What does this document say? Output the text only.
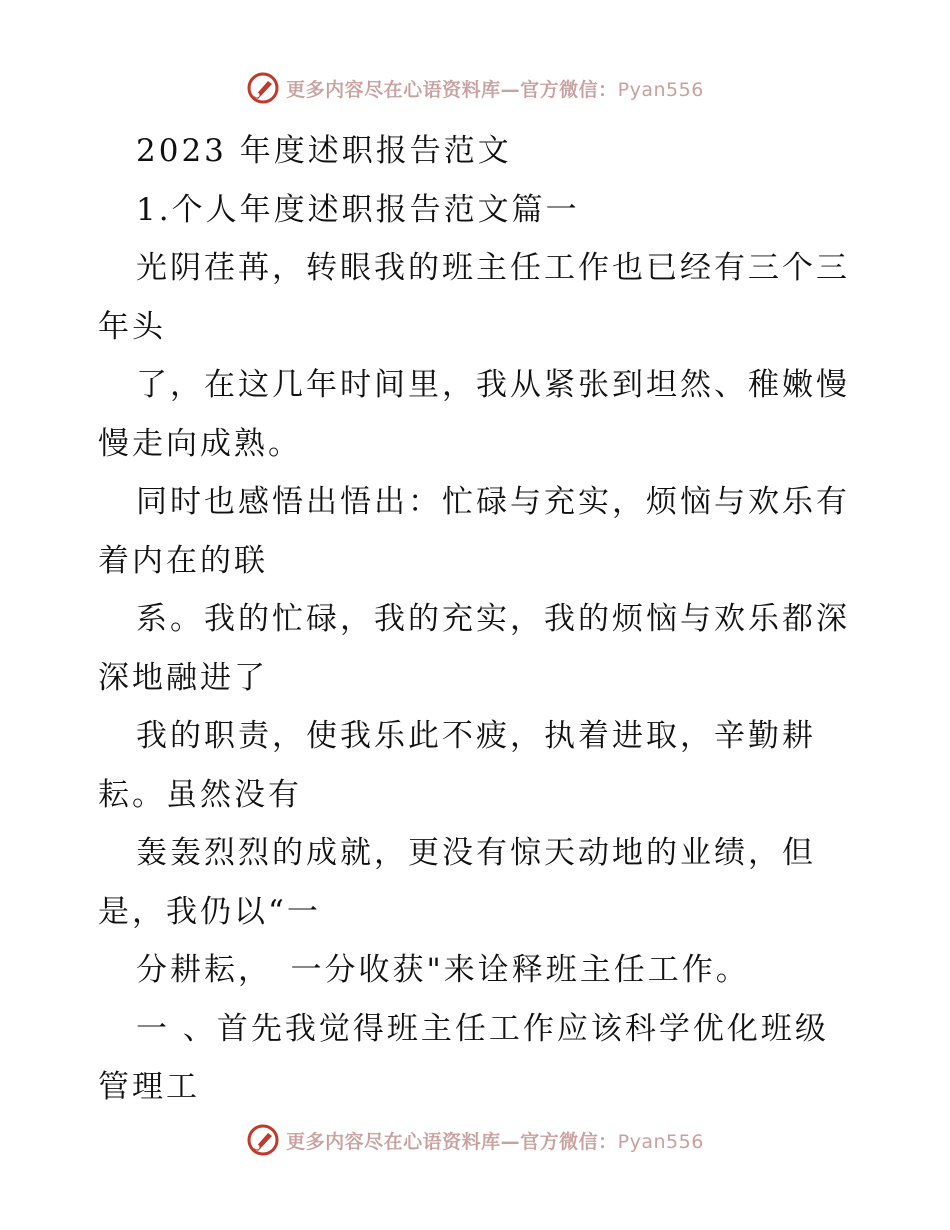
更多内容尽在心语资料库—官方微信：Pyan556
2023 年度述职报告范文
1.个人年度述职报告范文篇一
光阴荏苒，转眼我的班主任工作也已经有三个三
年头
了，在这几年时间里，我从紧张到坦然、稚嫩慢
慢走向成熟。
同时也感悟出悟出：忙碌与充实，烦恼与欢乐有
着内在的联
系。我的忙碌，我的充实，我的烦恼与欢乐都深
深地融进了
我的职责，使我乐此不疲，执着进取，辛勤耕
耘。虽然没有
轰轰烈烈的成就，更没有惊天动地的业绩，但
是，我仍以“一
分耕耘，　一分收获"来诠释班主任工作。
一 、首先我觉得班主任工作应该科学优化班级
管理工
更多内容尽在心语资料库—官方微信：Pyan556
